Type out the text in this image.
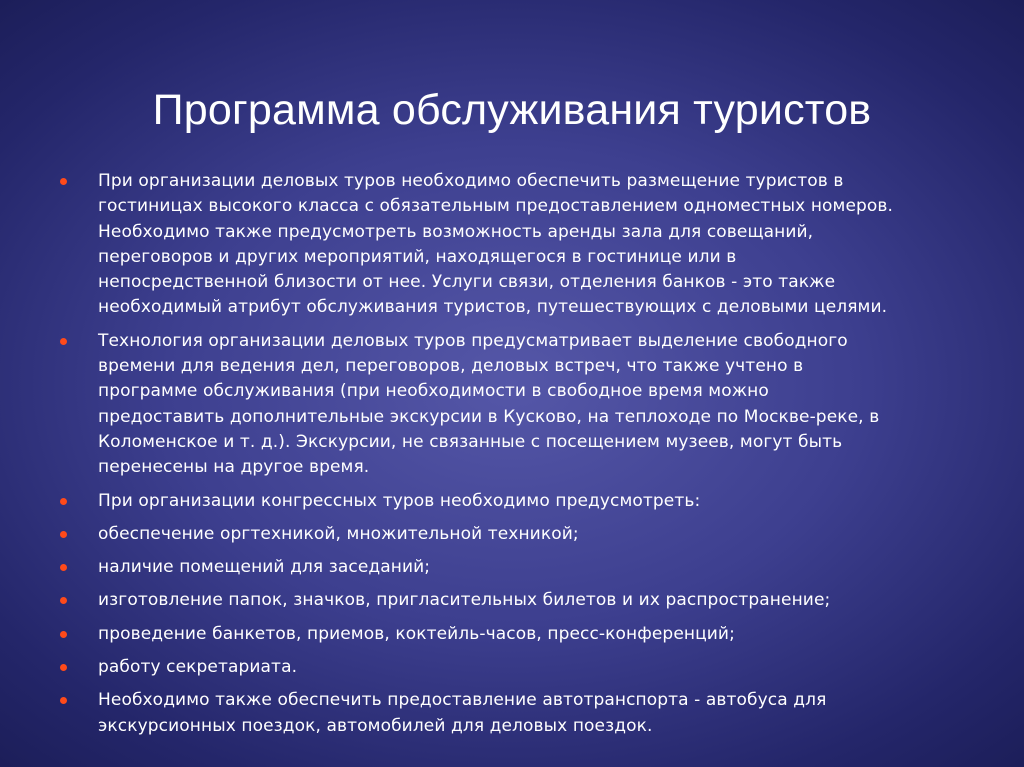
Программа обслуживания туристов
При организации деловых туров необходимо обеспечить размещение туристов в
гостиницах высокого класса с обязательным предоставлением одноместных номеров.
Необходимо также предусмотреть возможность аренды зала для совещаний,
переговоров и других мероприятий, находящегося в гостинице или в
непосредственной близости от нее. Услуги связи, отделения банков - это также
необходимый атрибут обслуживания туристов, путешествующих с деловыми целями.
Технология организации деловых туров предусматривает выделение свободного
времени для ведения дел, переговоров, деловых встреч, что также учтено в
программе обслуживания (при необходимости в свободное время можно
предоставить дополнительные экскурсии в Кусково, на теплоходе по Москве-реке, в
Коломенское и т. д.). Экскурсии, не связанные с посещением музеев, могут быть
перенесены на другое время.
При организации конгрессных туров необходимо предусмотреть:
обеспечение оргтехникой, множительной техникой;
наличие помещений для заседаний;
изготовление папок, значков, пригласительных билетов и их распространение;
проведение банкетов, приемов, коктейль-часов, пресс-конференций;
работу секретариата.
Необходимо также обеспечить предоставление автотранспорта - автобуса для
экскурсионных поездок, автомобилей для деловых поездок.
